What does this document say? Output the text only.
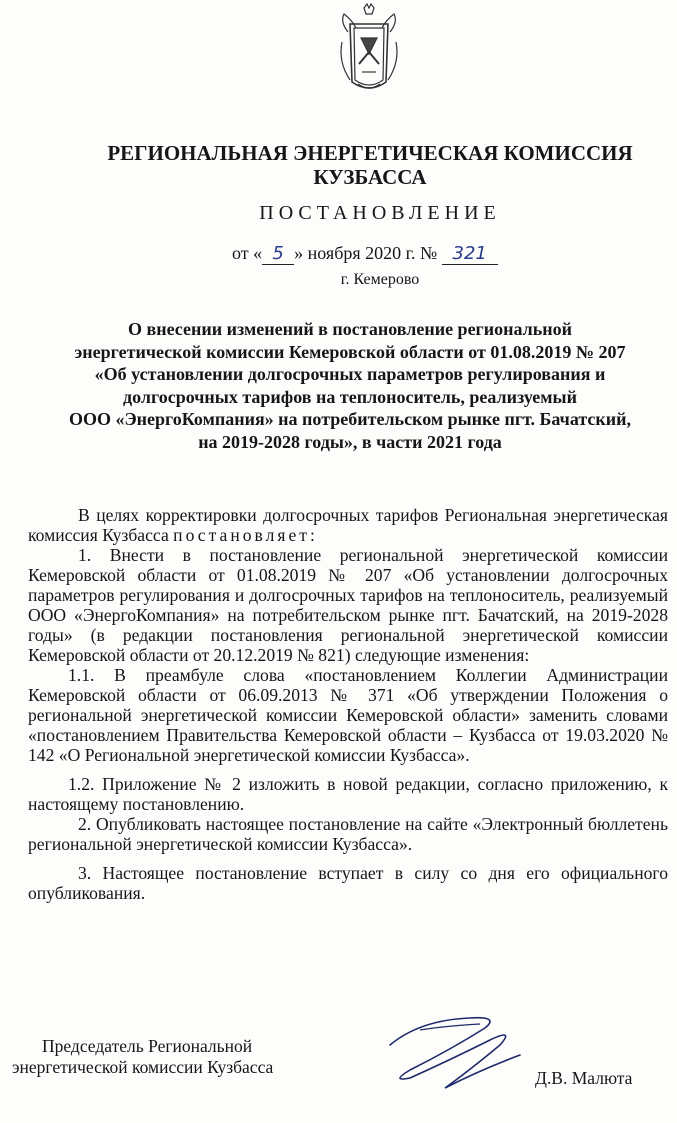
РЕГИОНАЛЬНАЯ ЭНЕРГЕТИЧЕСКАЯ КОМИССИЯ
КУЗБАССА
ПОСТАНОВЛЕНИЕ
от « 5 » ноября 2020 г. № 321
г. Кемерово
О внесении изменений в постановление региональной
энергетической комиссии Кемеровской области от 01.08.2019 № 207
«Об установлении долгосрочных параметров регулирования и
долгосрочных тарифов на теплоноситель, реализуемый
ООО «ЭнергоКомпания» на потребительском рынке пгт. Бачатский,
на 2019-2028 годы», в части 2021 года

В целях корректировки долгосрочных тарифов Региональная энергетическая комиссия Кузбасса постановляет:

1. Внести в постановление региональной энергетической комиссии Кемеровской области от 01.08.2019 № 207 «Об установлении долгосрочных параметров регулирования и долгосрочных тарифов на теплоноситель, реализуемый ООО «ЭнергоКомпания» на потребительском рынке пгт. Бачатский, на 2019-2028 годы» (в редакции постановления региональной энергетической комиссии Кемеровской области от 20.12.2019 № 821) следующие изменения:

1.1. В преамбуле слова «постановлением Коллегии Администрации Кемеровской области от 06.09.2013 № 371 «Об утверждении Положения о региональной энергетической комиссии Кемеровской области» заменить словами «постановлением Правительства Кемеровской области – Кузбасса от 19.03.2020 № 142 «О Региональной энергетической комиссии Кузбасса».

1.2. Приложение № 2 изложить в новой редакции, согласно приложению, к настоящему постановлению.

2. Опубликовать настоящее постановление на сайте «Электронный бюллетень региональной энергетической комиссии Кузбасса».

3. Настоящее постановление вступает в силу со дня его официального опубликования.

Председатель Региональной
энергетической комиссии Кузбасса
Д.В. Малюта
